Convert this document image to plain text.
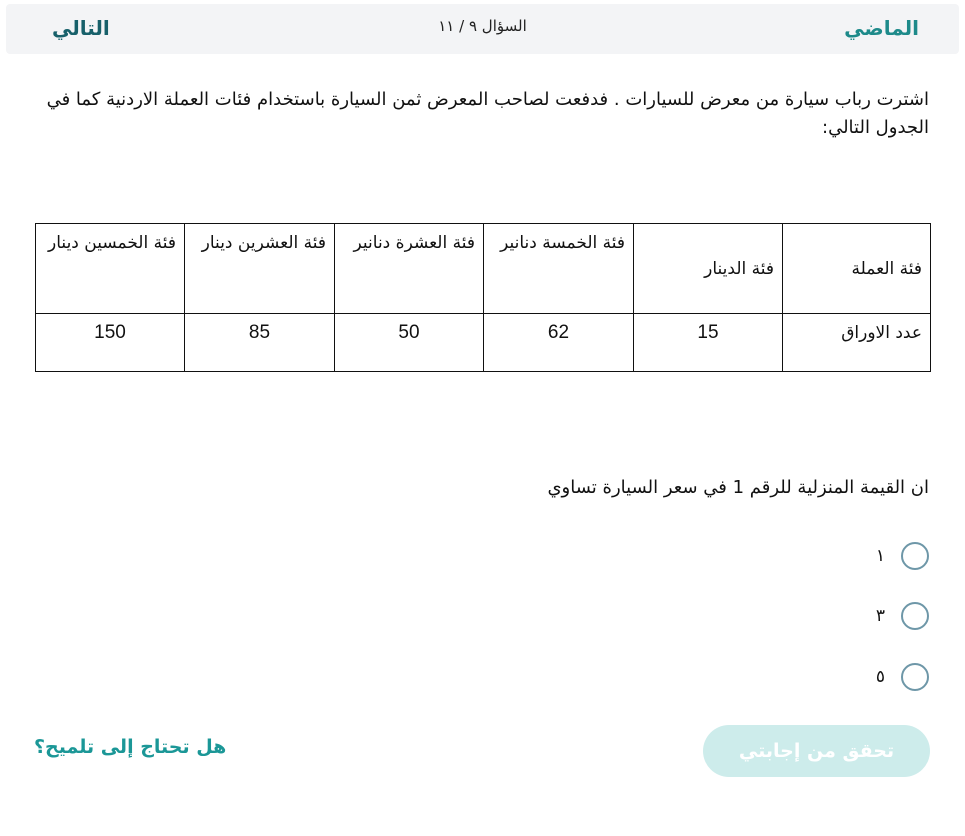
التالي	السؤال ٩ / ١١	الماضي
اشترت رباب سيارة من معرض للسيارات . فدفعت لصاحب المعرض ثمن السيارة باستخدام فئات العملة الاردنية كما في الجدول التالي:
فئة العملة	فئة الدينار	فئة الخمسة دنانير	فئة العشرة دنانير	فئة العشرين دينار	فئة الخمسين دينار
عدد الاوراق	15	62	50	85	150
ان القيمة المنزلية للرقم 1 في سعر السيارة تساوي
١
٣
٥
هل تحتاج إلى تلميح؟	تحقق من إجابتي
